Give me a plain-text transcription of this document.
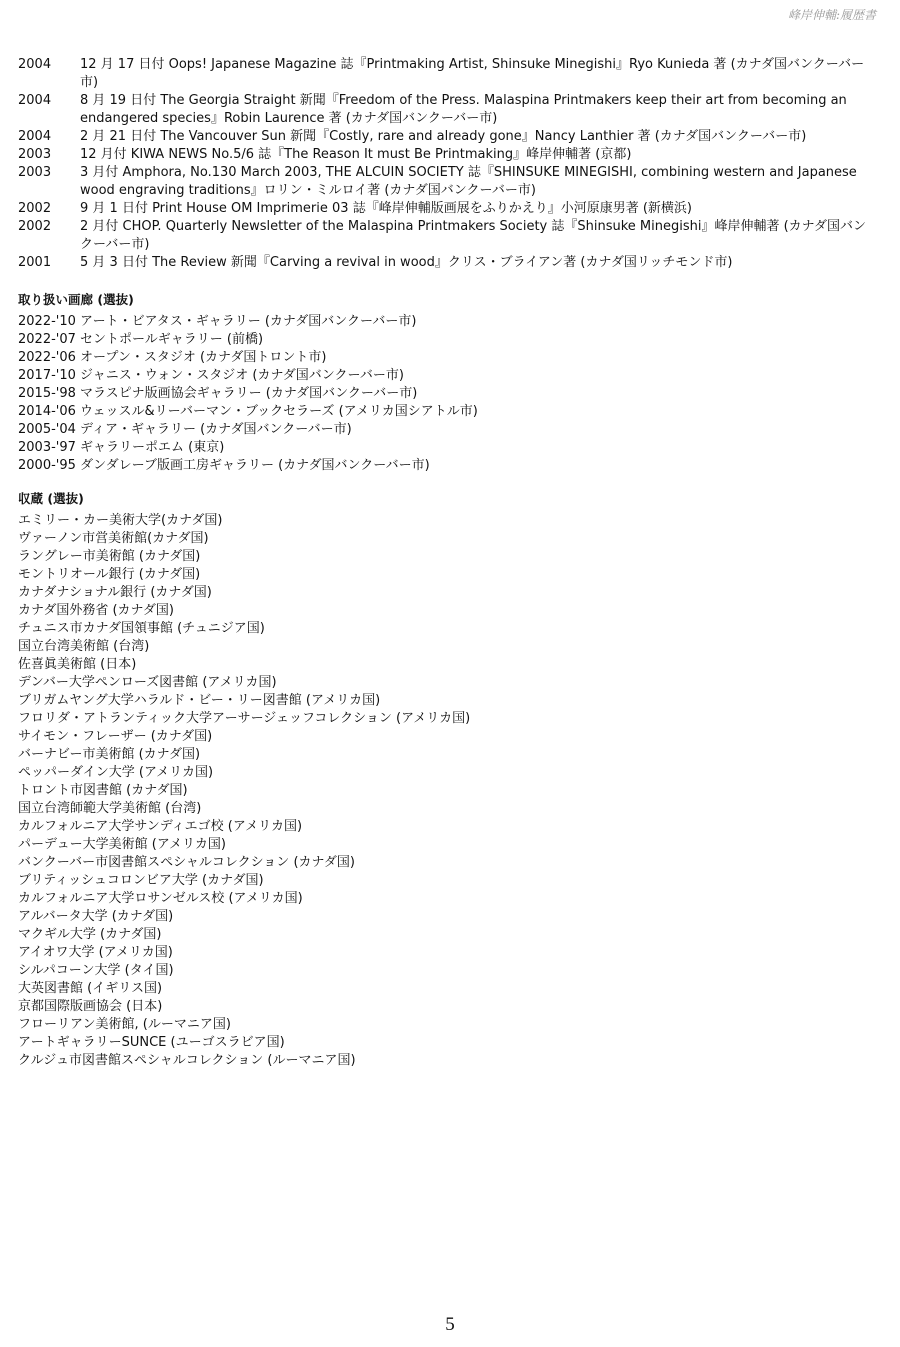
峰岸伸輔:履歴書
2004	12 月 17 日付 Oops! Japanese Magazine 誌『Printmaking Artist, Shinsuke Minegishi』Ryo Kunieda 著 (カナダ国バンクーバー市)
2004	8 月 19 日付 The Georgia Straight 新聞『Freedom of the Press. Malaspina Printmakers keep their art from becoming an endangered species』Robin Laurence 著 (カナダ国バンクーバー市)
2004	2 月 21 日付 The Vancouver Sun 新聞『Costly, rare and already gone』Nancy Lanthier 著 (カナダ国バンクーバー市)
2003	12 月付 KIWA NEWS No.5/6 誌『The Reason It must Be Printmaking』峰岸伸輔著 (京都)
2003	3 月付 Amphora, No.130 March 2003, THE ALCUIN SOCIETY 誌『SHINSUKE MINEGISHI, combining western and Japanese wood engraving traditions』ロリン・ミルロイ著 (カナダ国バンクーバー市)
2002	9 月 1 日付 Print House OM Imprimerie 03 誌『峰岸伸輔版画展をふりかえり』小河原康男著 (新横浜)
2002	2 月付 CHOP. Quarterly Newsletter of the Malaspina Printmakers Society 誌『Shinsuke Minegishi』峰岸伸輔著 (カナダ国バンクーバー市)
2001	5 月 3 日付 The Review 新聞『Carving a revival in wood』クリス・ブライアン著 (カナダ国リッチモンド市)
取り扱い画廊 (選抜)
2022-'10 アート・ビアタス・ギャラリー (カナダ国バンクーバー市)
2022-'07 セントポールギャラリー (前橋)
2022-'06 オープン・スタジオ (カナダ国トロント市)
2017-'10 ジャニス・ウォン・スタジオ (カナダ国バンクーバー市)
2015-'98 マラスピナ版画協会ギャラリー (カナダ国バンクーバー市)
2014-'06 ウェッスル&リーバーマン・ブックセラーズ (アメリカ国シアトル市)
2005-'04 ディア・ギャラリー (カナダ国バンクーバー市)
2003-'97 ギャラリーポエム (東京)
2000-'95 ダンダレーブ版画工房ギャラリー (カナダ国バンクーバー市)
収蔵 (選抜)
エミリー・カー美術大学(カナダ国)
ヴァーノン市営美術館(カナダ国)
ラングレー市美術館 (カナダ国)
モントリオール銀行 (カナダ国)
カナダナショナル銀行 (カナダ国)
カナダ国外務省 (カナダ国)
チュニス市カナダ国領事館 (チュニジア国)
国立台湾美術館 (台湾)
佐喜眞美術館 (日本)
デンバー大学ペンローズ図書館 (アメリカ国)
ブリガムヤング大学ハラルド・ビー・リー図書館 (アメリカ国)
フロリダ・アトランティック大学アーサージェッフコレクション (アメリカ国)
サイモン・フレーザー (カナダ国)
バーナビー市美術館 (カナダ国)
ペッパーダイン大学 (アメリカ国)
トロント市図書館 (カナダ国)
国立台湾師範大学美術館 (台湾)
カルフォルニア大学サンディエゴ校 (アメリカ国)
パーデュー大学美術館 (アメリカ国)
バンクーバー市図書館スペシャルコレクション (カナダ国)
ブリティッシュコロンビア大学 (カナダ国)
カルフォルニア大学ロサンゼルス校 (アメリカ国)
アルバータ大学 (カナダ国)
マクギル大学 (カナダ国)
アイオワ大学 (アメリカ国)
シルパコーン大学 (タイ国)
大英図書館 (イギリス国)
京都国際版画協会 (日本)
フローリアン美術館, (ルーマニア国)
アートギャラリーSUNCE (ユーゴスラビア国)
クルジュ市図書館スペシャルコレクション (ルーマニア国)
5
